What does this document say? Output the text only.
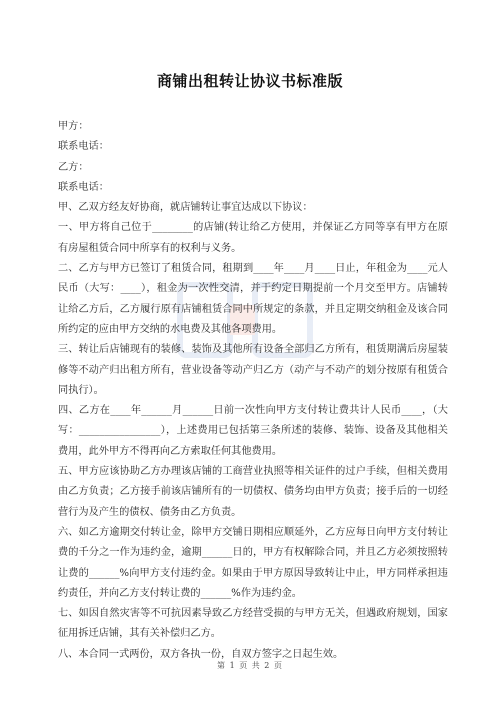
商铺出租转让协议书标准版

甲方：

联系电话：

乙方：

联系电话：

甲、乙双方经友好协商，就店铺转让事宜达成以下协议：

一、甲方将自己位于________的店铺(转让给乙方使用，并保证乙方同等享有甲方在原有房屋租赁合同中所享有的权利与义务。

二、乙方与甲方已签订了租赁合同，租期到____年____月____日止，年租金为____元人民币（大写：____），租金为一次性交清，并于约定日期提前一个月交至甲方。店铺转让给乙方后，乙方履行原有店铺租赁合同中所规定的条款，并且定期交纳租金及该合同所约定的应由甲方交纳的水电费及其他各项费用。

三、转让后店铺现有的装修、装饰及其他所有设备全部归乙方所有，租赁期满后房屋装修等不动产归出租方所有，营业设备等动产归乙方（动产与不动产的划分按原有租赁合同执行）。

四、乙方在____年______月______日前一次性向甲方支付转让费共计人民币____，（大写：________________），上述费用已包括第三条所述的装修、装饰、设备及其他相关费用，此外甲方不得再向乙方索取任何其他费用。

五、甲方应该协助乙方办理该店铺的工商营业执照等相关证件的过户手续，但相关费用由乙方负责；乙方接手前该店铺所有的一切债权、债务均由甲方负责；接手后的一切经营行为及产生的债权、债务由乙方负责。

六、如乙方逾期交付转让金，除甲方交铺日期相应顺延外，乙方应每日向甲方支付转让费的千分之一作为违约金，逾期______日的，甲方有权解除合同，并且乙方必须按照转让费的______%向甲方支付违约金。如果由于甲方原因导致转让中止，甲方同样承担违约责任，并向乙方支付转让费的______%作为违约金。

七、如因自然灾害等不可抗因素导致乙方经营受损的与甲方无关，但遇政府规划，国家征用拆迁店铺，其有关补偿归乙方。

八、本合同一式两份，双方各执一份，自双方签字之日起生效。

第 1 页 共 2 页
